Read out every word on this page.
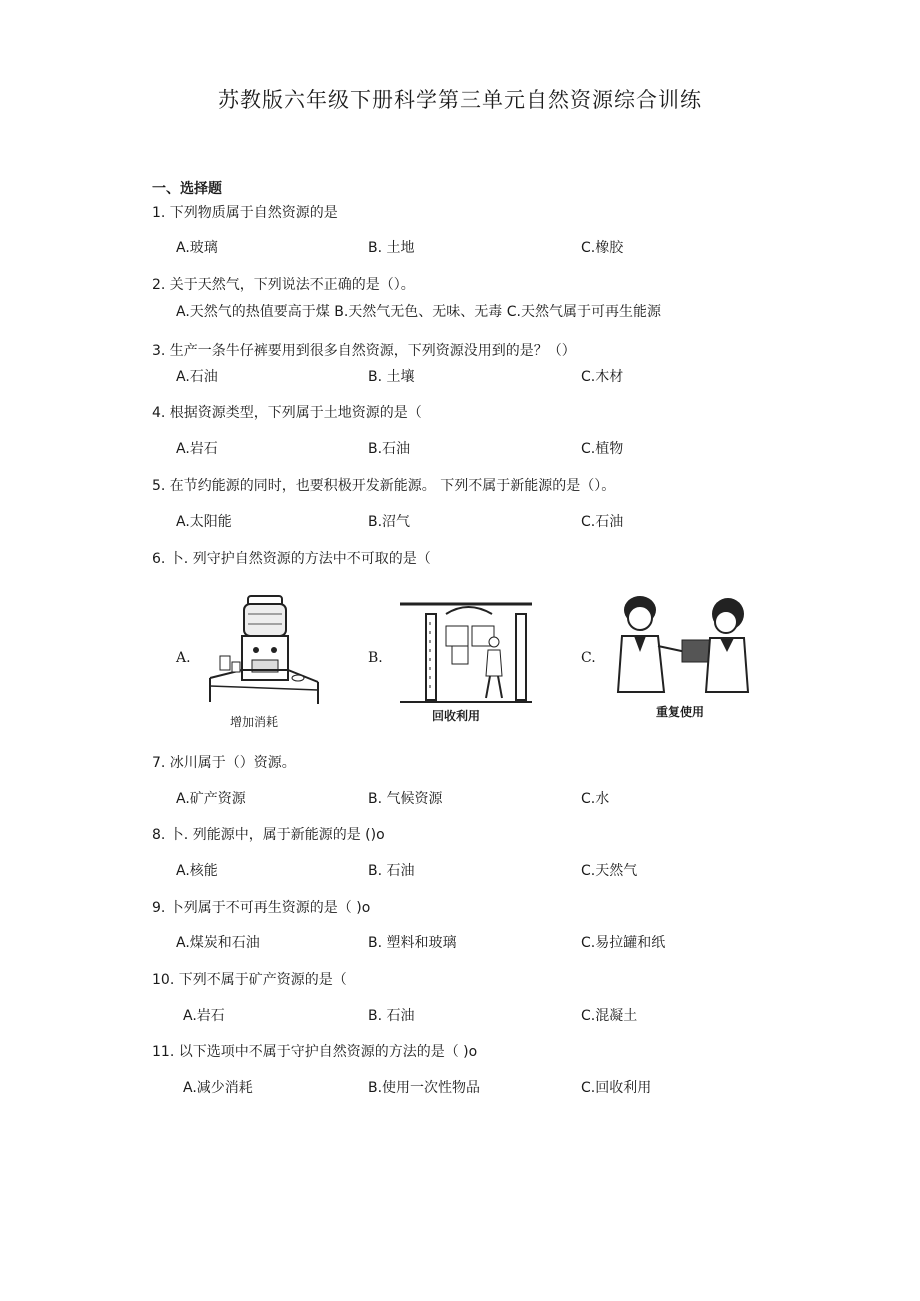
苏教版六年级下册科学第三单元自然资源综合训练
一、选择题
1. 下列物质属于自然资源的是
A.玻璃	B. 土地	C.橡胶
2. 关于天然气，下列说法不正确的是（）。
A.天然气的热值要高于煤 B.天然气无色、无味、无毒 C.天然气属于可再生能源
3. 生产一条牛仔裤要用到很多自然资源，下列资源没用到的是？（）
A.石油	B. 土壤	C.木材
4. 根据资源类型，下列属于土地资源的是（
A.岩石	B.石油	C.植物
5. 在节约能源的同时，也要积极开发新能源。 下列不属于新能源的是（）。
A.太阳能	B.沼气	C.石油
6. 卜. 列守护自然资源的方法中不可取的是（
A.
增加消耗
B.
回收利用
C.
重复使用
7. 冰川属于（）资源。
A.矿产资源	B. 气候资源	C.水
8. 卜. 列能源中，属于新能源的是 ()o
A.核能	B. 石油	C.天然气
9. 卜列属于不可再生资源的是（ )o
A.煤炭和石油	B. 塑料和玻璃	C.易拉罐和纸
10. 下列不属于矿产资源的是（
A.岩石	B. 石油	C.混凝土
11. 以下选项中不属于守护自然资源的方法的是（ )o
A.减少消耗	B.使用一次性物品	C.回收利用
